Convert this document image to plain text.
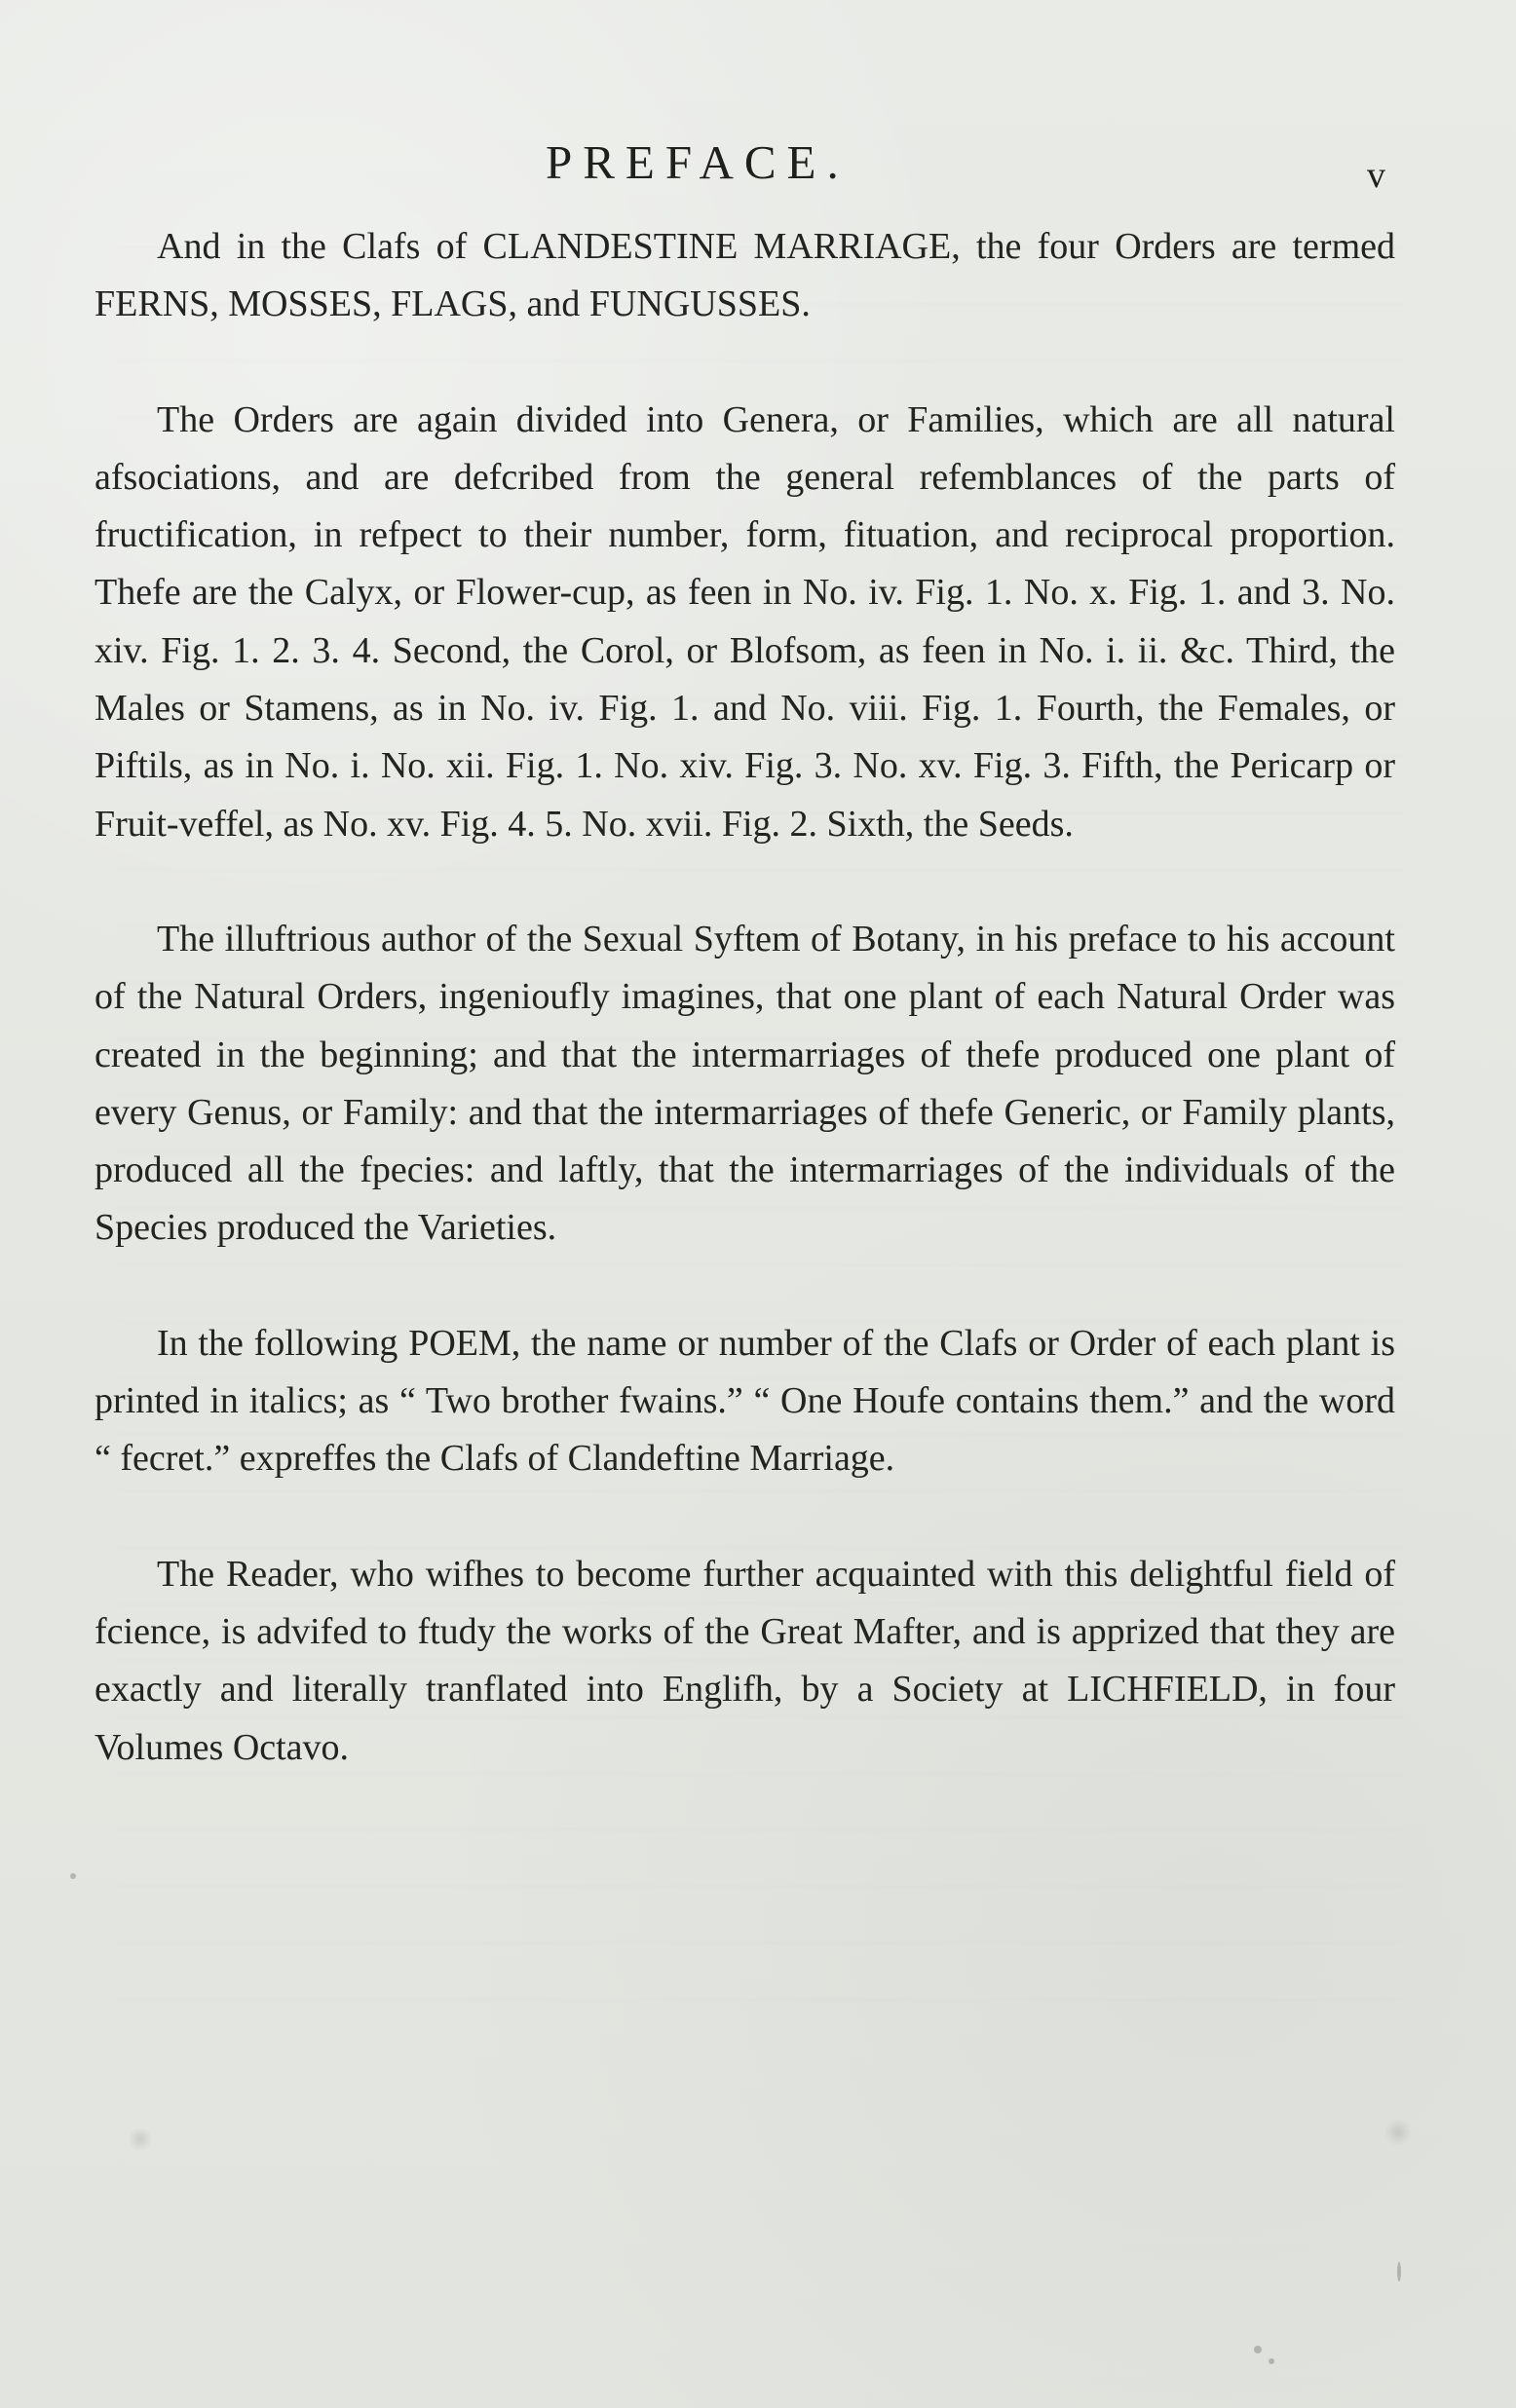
PREFACE.	v

And in the Clafs of CLANDESTINE MARRIAGE, the four Orders are termed FERNS, MOSSES, FLAGS, and FUNGUSSES.

The Orders are again divided into Genera, or Families, which are all natural afsociations, and are defcribed from the general refemblances of the parts of fructification, in refpect to their number, form, fituation, and reciprocal proportion. Thefe are the Calyx, or Flower-cup, as feen in No. iv. Fig. 1. No. x. Fig. 1. and 3. No. xiv. Fig. 1. 2. 3. 4. Second, the Corol, or Blofsom, as feen in No. i. ii. &c. Third, the Males or Stamens, as in No. iv. Fig. 1. and No. viii. Fig. 1. Fourth, the Females, or Piftils, as in No. i. No. xii. Fig. 1. No. xiv. Fig. 3. No. xv. Fig. 3. Fifth, the Pericarp or Fruit-veffel, as No. xv. Fig. 4. 5. No. xvii. Fig. 2. Sixth, the Seeds.

The illuftrious author of the Sexual Syftem of Botany, in his preface to his account of the Natural Orders, ingenioufly imagines, that one plant of each Natural Order was created in the beginning; and that the intermarriages of thefe produced one plant of every Genus, or Family: and that the intermarriages of thefe Generic, or Family plants, produced all the fpecies: and laftly, that the intermarriages of the individuals of the Species produced the Varieties.

In the following POEM, the name or number of the Clafs or Order of each plant is printed in italics; as “ Two brother fwains.” “ One Houfe contains them.” and the word “ fecret.” expreffes the Clafs of Clandeftine Marriage.

The Reader, who wifhes to become further acquainted with this delightful field of fcience, is advifed to ftudy the works of the Great Mafter, and is apprized that they are exactly and literally tranflated into Englifh, by a Society at LICHFIELD, in four Volumes Octavo.
